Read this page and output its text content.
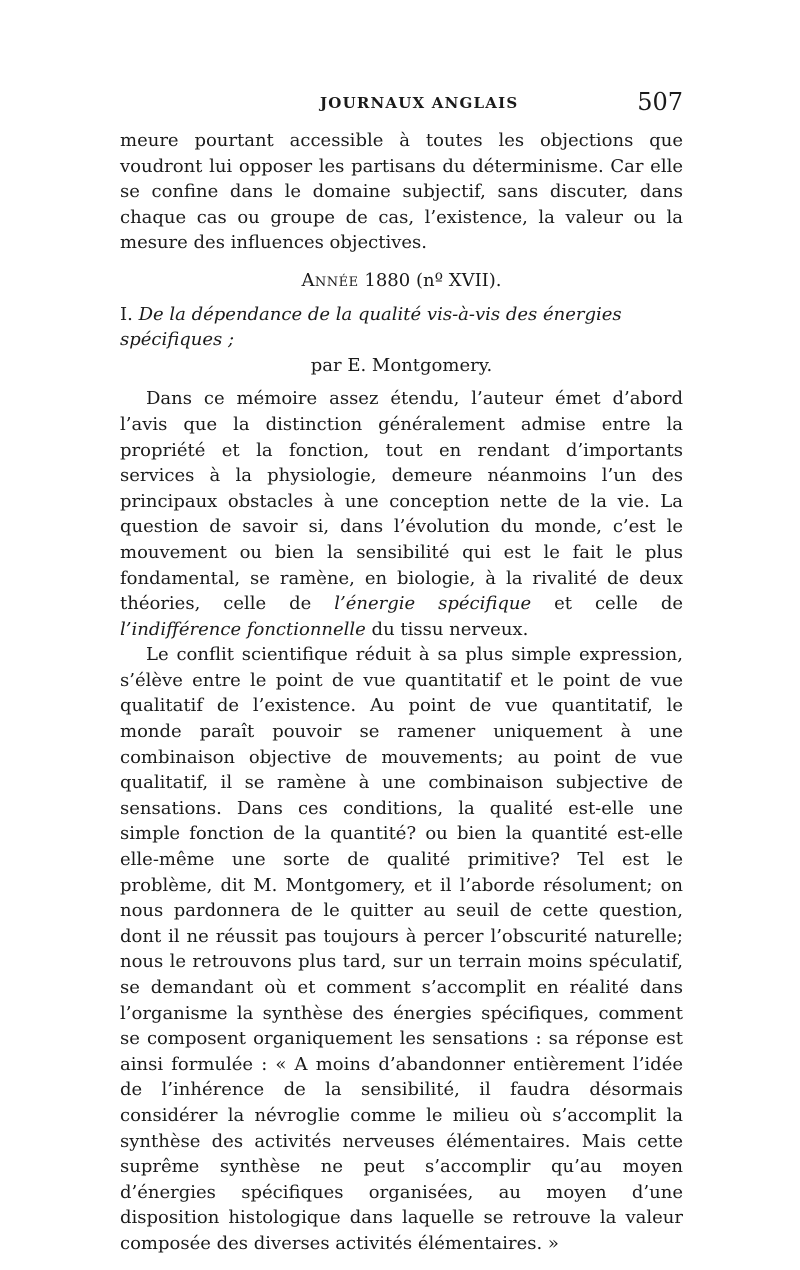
JOURNAUX ANGLAIS	507

meure pourtant accessible à toutes les objections que voudront lui opposer les partisans du déterminisme. Car elle se confine dans le domaine subjectif, sans discuter, dans chaque cas ou groupe de cas, l’existence, la valeur ou la mesure des influences objectives.

Année 1880 (nº XVII).

I. De la dépendance de la qualité vis-à-vis des énergies spécifiques ;
par E. Montgomery.

Dans ce mémoire assez étendu, l’auteur émet d’abord l’avis que la distinction généralement admise entre la propriété et la fonction, tout en rendant d’importants services à la physiologie, demeure néanmoins l’un des principaux obstacles à une conception nette de la vie. La question de savoir si, dans l’évolution du monde, c’est le mouvement ou bien la sensibilité qui est le fait le plus fondamental, se ramène, en biologie, à la rivalité de deux théories, celle de l’énergie spécifique et celle de l’indifférence fonctionnelle du tissu nerveux.

Le conflit scientifique réduit à sa plus simple expression, s’élève entre le point de vue quantitatif et le point de vue qualitatif de l’existence. Au point de vue quantitatif, le monde paraît pouvoir se ramener uniquement à une combinaison objective de mouvements; au point de vue qualitatif, il se ramène à une combinaison subjective de sensations. Dans ces conditions, la qualité est-elle une simple fonction de la quantité? ou bien la quantité est-elle elle-même une sorte de qualité primitive? Tel est le problème, dit M. Montgomery, et il l’aborde résolument; on nous pardonnera de le quitter au seuil de cette question, dont il ne réussit pas toujours à percer l’obscurité naturelle; nous le retrouvons plus tard, sur un terrain moins spéculatif, se demandant où et comment s’accomplit en réalité dans l’organisme la synthèse des énergies spécifiques, comment se composent organiquement les sensations : sa réponse est ainsi formulée : « A moins d’abandonner entièrement l’idée de l’inhérence de la sensibilité, il faudra désormais considérer la névroglie comme le milieu où s’accomplit la synthèse des activités nerveuses élémentaires. Mais cette suprême synthèse ne peut s’accomplir qu’au moyen d’énergies spécifiques organisées, au moyen d’une disposition histologique dans laquelle se retrouve la valeur composée des diverses activités élémentaires. »
